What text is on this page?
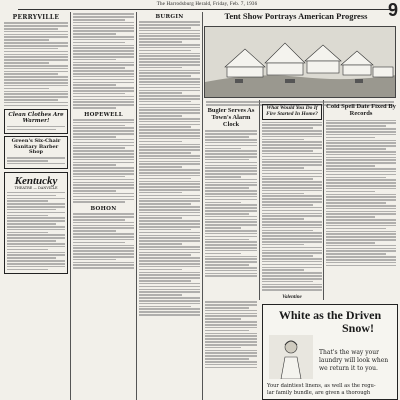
The Harrodsburg Herald, Friday, Feb. 7, 1936	9
PERRYVILLE
Clean Clothes Are Warmer!
Green's Six-Chair Sanitary Barber Shop
Kentucky
THEATRE — DANVILLE
HOPEWELL
BOHON
BURGIN	Tent Show Portrays American Progress
Bugler Serves As Town's Alarm Clock
What Would You Do If Fire Started In Home?
Valentine
Cold Spell Date Fixed By Records
White as the Driven
Snow!
That's the way your
laundry will look when
we return it to you.
Your daintiest linens, as well as the regu-
lar family bundle, are given a thorough
